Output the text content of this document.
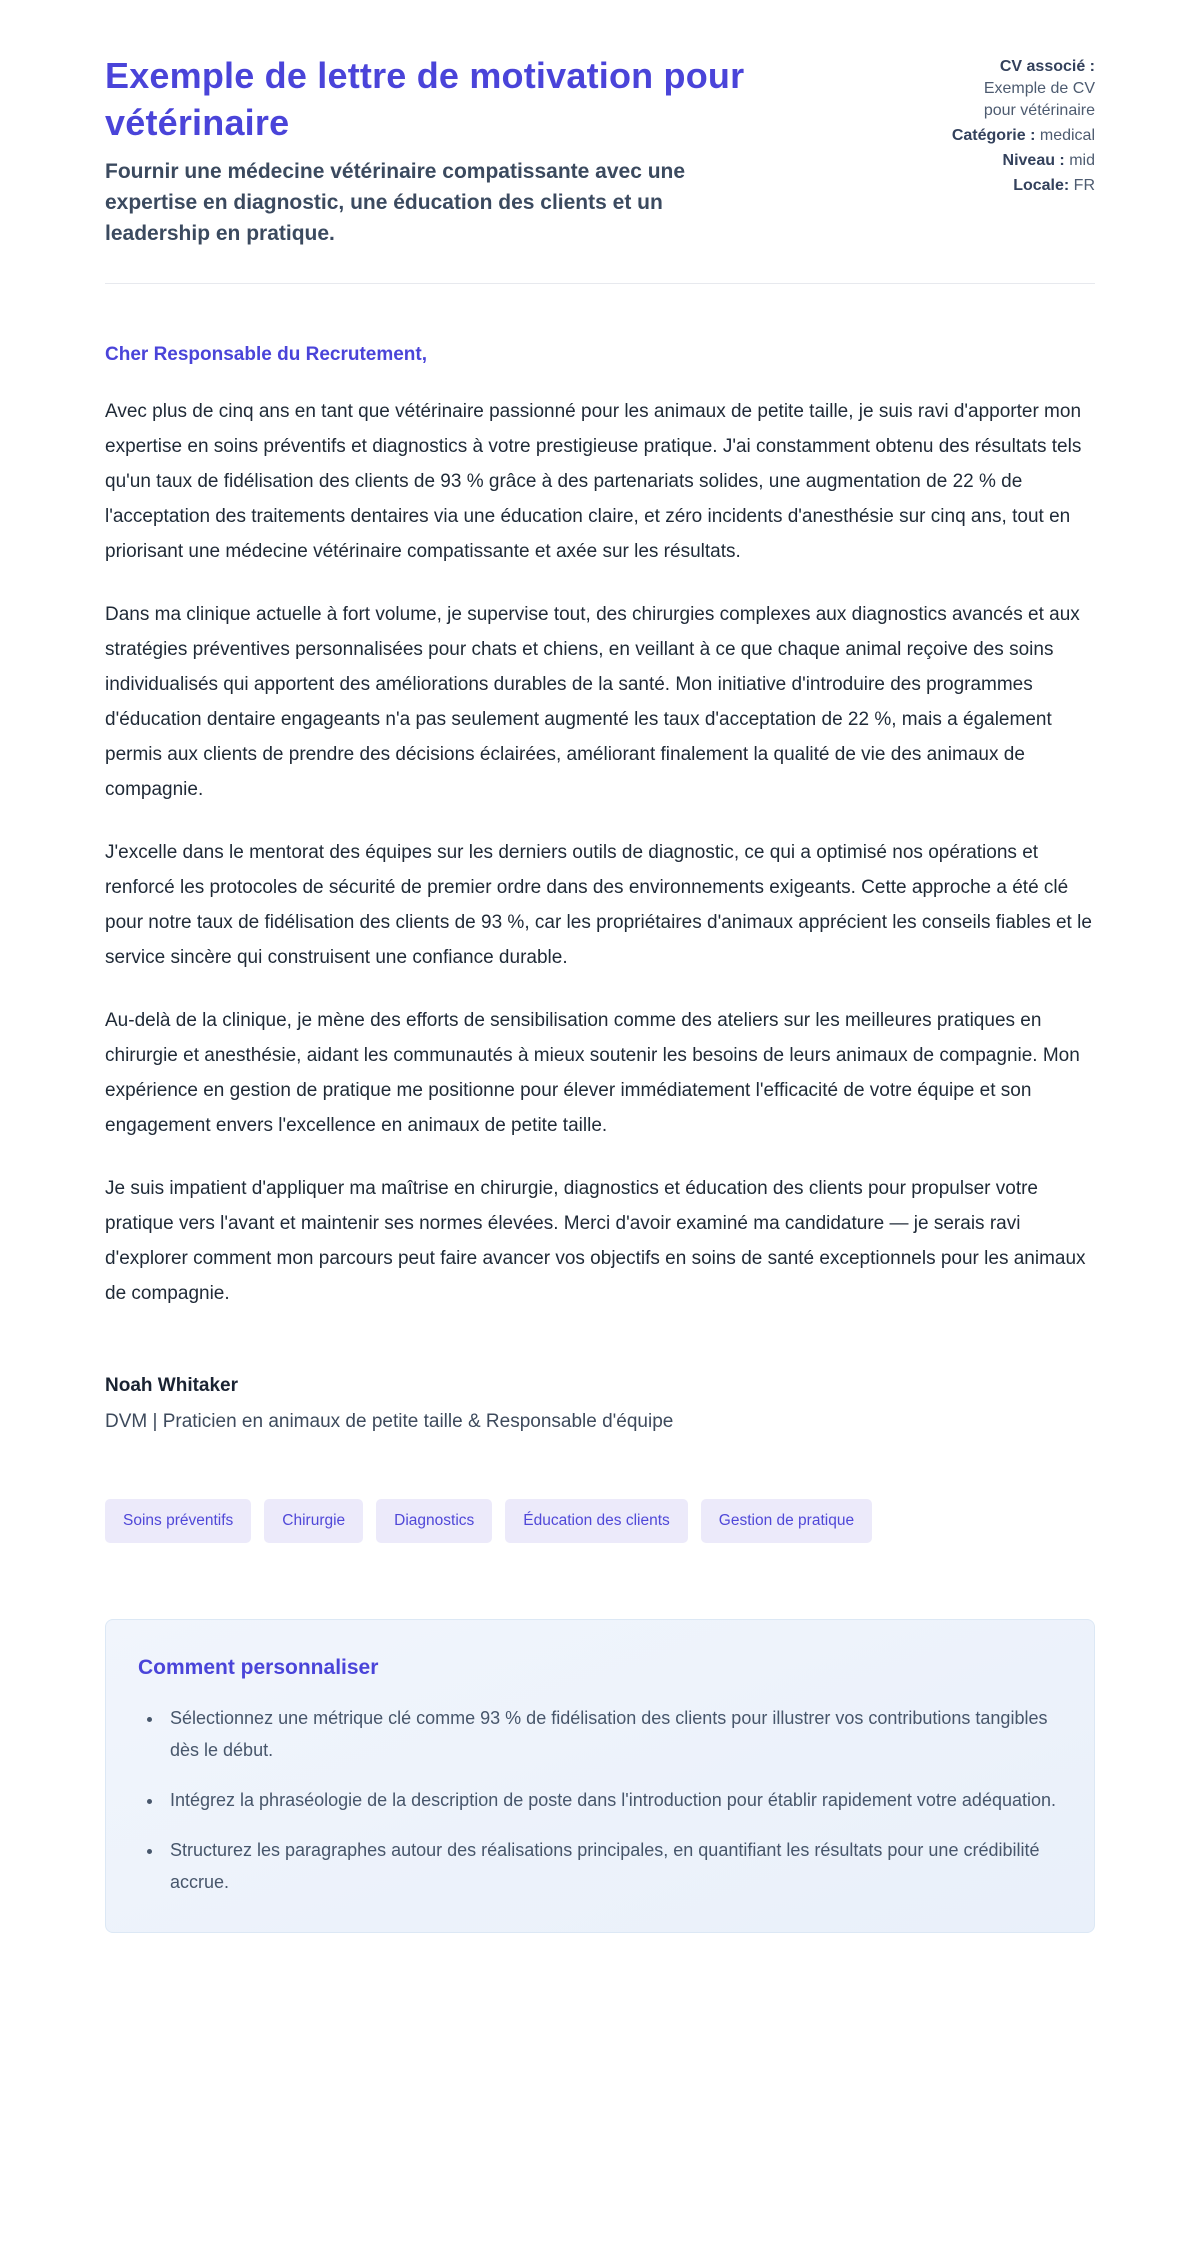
Exemple de lettre de motivation pour vétérinaire
Fournir une médecine vétérinaire compatissante avec une expertise en diagnostic, une éducation des clients et un leadership en pratique.
CV associé : Exemple de CV pour vétérinaire
Catégorie : medical
Niveau : mid
Locale: FR
Cher Responsable du Recrutement,

Avec plus de cinq ans en tant que vétérinaire passionné pour les animaux de petite taille, je suis ravi d'apporter mon expertise en soins préventifs et diagnostics à votre prestigieuse pratique. J'ai constamment obtenu des résultats tels qu'un taux de fidélisation des clients de 93 % grâce à des partenariats solides, une augmentation de 22 % de l'acceptation des traitements dentaires via une éducation claire, et zéro incidents d'anesthésie sur cinq ans, tout en priorisant une médecine vétérinaire compatissante et axée sur les résultats.

Dans ma clinique actuelle à fort volume, je supervise tout, des chirurgies complexes aux diagnostics avancés et aux stratégies préventives personnalisées pour chats et chiens, en veillant à ce que chaque animal reçoive des soins individualisés qui apportent des améliorations durables de la santé. Mon initiative d'introduire des programmes d'éducation dentaire engageants n'a pas seulement augmenté les taux d'acceptation de 22 %, mais a également permis aux clients de prendre des décisions éclairées, améliorant finalement la qualité de vie des animaux de compagnie.

J'excelle dans le mentorat des équipes sur les derniers outils de diagnostic, ce qui a optimisé nos opérations et renforcé les protocoles de sécurité de premier ordre dans des environnements exigeants. Cette approche a été clé pour notre taux de fidélisation des clients de 93 %, car les propriétaires d'animaux apprécient les conseils fiables et le service sincère qui construisent une confiance durable.

Au-delà de la clinique, je mène des efforts de sensibilisation comme des ateliers sur les meilleures pratiques en chirurgie et anesthésie, aidant les communautés à mieux soutenir les besoins de leurs animaux de compagnie. Mon expérience en gestion de pratique me positionne pour élever immédiatement l'efficacité de votre équipe et son engagement envers l'excellence en animaux de petite taille.

Je suis impatient d'appliquer ma maîtrise en chirurgie, diagnostics et éducation des clients pour propulser votre pratique vers l'avant et maintenir ses normes élevées. Merci d'avoir examiné ma candidature — je serais ravi d'explorer comment mon parcours peut faire avancer vos objectifs en soins de santé exceptionnels pour les animaux de compagnie.

Noah Whitaker
DVM | Praticien en animaux de petite taille & Responsable d'équipe
Soins préventifs	Chirurgie	Diagnostics	Éducation des clients	Gestion de pratique
Comment personnaliser
• Sélectionnez une métrique clé comme 93 % de fidélisation des clients pour illustrer vos contributions tangibles dès le début.
• Intégrez la phraséologie de la description de poste dans l'introduction pour établir rapidement votre adéquation.
• Structurez les paragraphes autour des réalisations principales, en quantifiant les résultats pour une crédibilité accrue.
